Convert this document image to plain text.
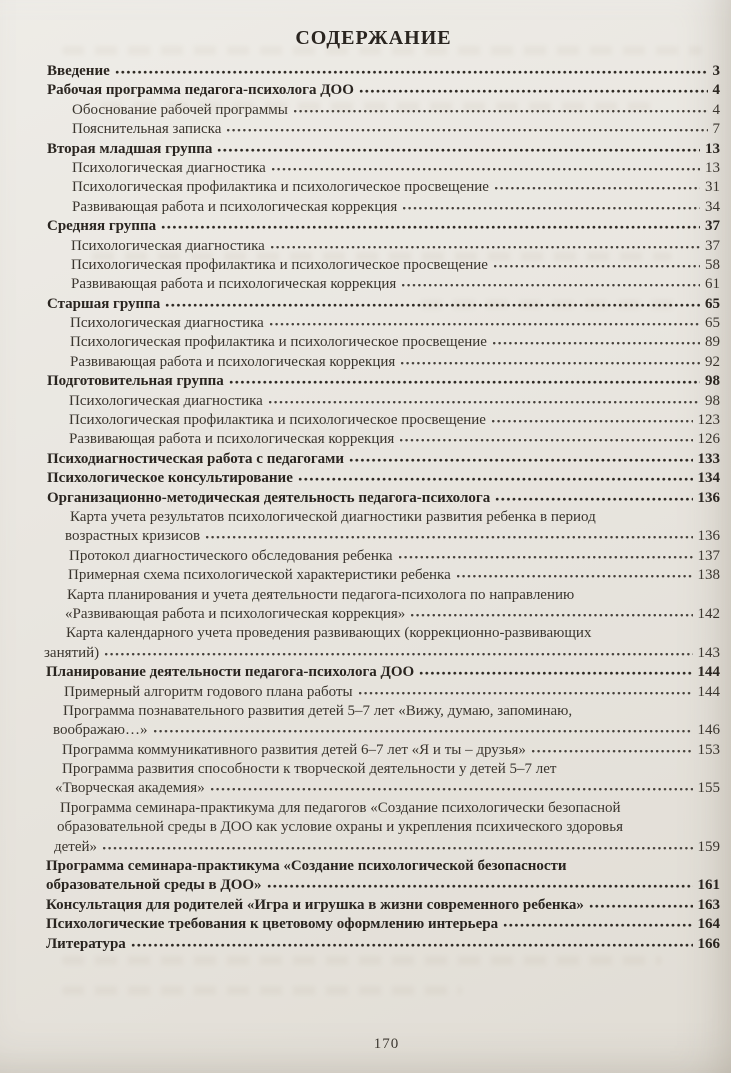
СОДЕРЖАНИЕ
Введение	3
Рабочая программа педагога-психолога ДОО	4
Обоснование рабочей программы	4
Пояснительная записка	7
Вторая младшая группа	13
Психологическая диагностика	13
Психологическая профилактика и психологическое просвещение	31
Развивающая работа и психологическая коррекция	34
Средняя группа	37
Психологическая диагностика	37
Психологическая профилактика и психологическое просвещение	58
Развивающая работа и психологическая коррекция	61
Старшая группа	65
Психологическая диагностика	65
Психологическая профилактика и психологическое просвещение	89
Развивающая работа и психологическая коррекция	92
Подготовительная группа	98
Психологическая диагностика	98
Психологическая профилактика и психологическое просвещение	123
Развивающая работа и психологическая коррекция	126
Психодиагностическая работа с педагогами	133
Психологическое консультирование	134
Организационно-методическая деятельность педагога-психолога	136
Карта учета результатов психологической диагностики развития ребенка в период
возрастных кризисов	136
Протокол диагностического обследования ребенка	137
Примерная схема психологической характеристики ребенка	138
Карта планирования и учета деятельности педагога-психолога по направлению
«Развивающая работа и психологическая коррекция»	142
Карта календарного учета проведения развивающих (коррекционно-развивающих
занятий)	143
Планирование деятельности педагога-психолога ДОО	144
Примерный алгоритм годового плана работы	144
Программа познавательного развития детей 5–7 лет «Вижу, думаю, запоминаю,
воображаю…»	146
Программа коммуникативного развития детей 6–7 лет «Я и ты – друзья»	153
Программа развития способности к творческой деятельности у детей 5–7 лет
«Творческая академия»	155
Программа семинара-практикума для педагогов «Создание психологически безопасной
образовательной среды в ДОО как условие охраны и укрепления психического здоровья
детей»	159
Программа семинара-практикума «Создание психологической безопасности
образовательной среды в ДОО»	161
Консультация для родителей «Игра и игрушка в жизни современного ребенка»	163
Психологические требования к цветовому оформлению интерьера	164
Литература	166
170
